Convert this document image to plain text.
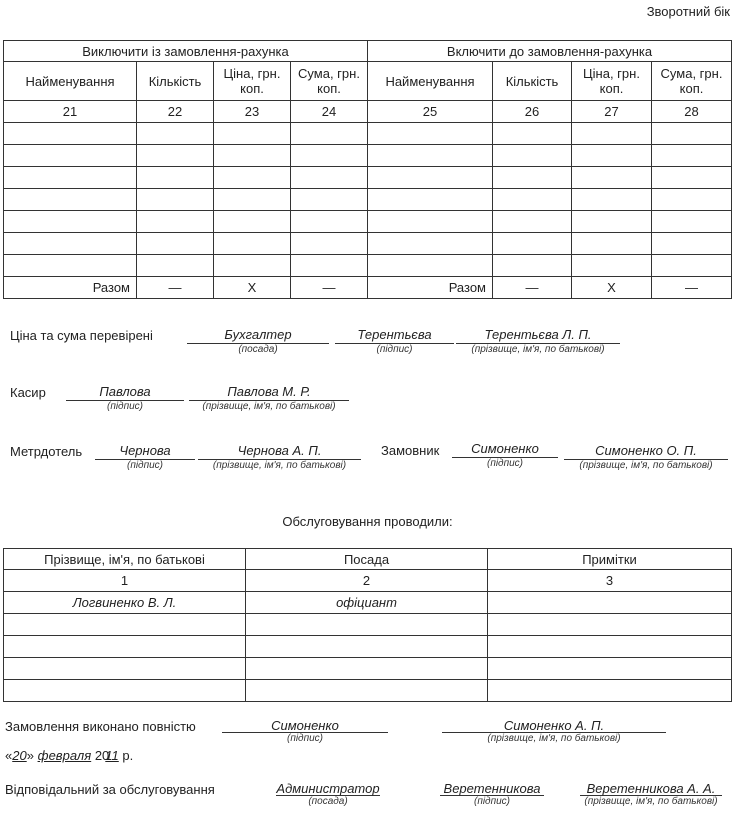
Зворотний бік
Виключити із замовлення-рахунка				Включити до замовлення-рахунка			
Найменування	Кількість	Ціна, грн. коп.	Сума, грн. коп.	Найменування	Кількість	Ціна, грн. коп.	Сума, грн. коп.
21	22	23	24	25	26	27	28

Разом	—	Х	—	Разом	—	Х	—
Ціна та сума перевірені	Бухгалтер
(посада)
Терентьєва
(підпис)
Терентьєва Л. П.
(прізвище, ім'я, по батькові)
Касир	Павлова
(підпис)
Павлова М. Р.
(прізвище, ім'я, по батькові)
Метрдотель	Чернова
(підпис)
Чернова А. П.
(прізвище, ім'я, по батькові)
Замовник	Симоненко
(підпис)
Симоненко О. П.
(прізвище, ім'я, по батькові)
Обслуговування проводили:
Прізвище, ім'я, по батькові	Посада	Примітки
1	2	3
Логвиненко В. Л.	офіциант	

Замовлення виконано повністю	Симоненко
(підпис)
Симоненко А. П.
(прізвище, ім'я, по батькові)
«20» февраля 2011 р.
Відповідальний за обслуговування	Администратор
(посада)
Веретенникова
(підпис)
Веретенникова А. А.
(прізвище, ім'я, по батькові)
